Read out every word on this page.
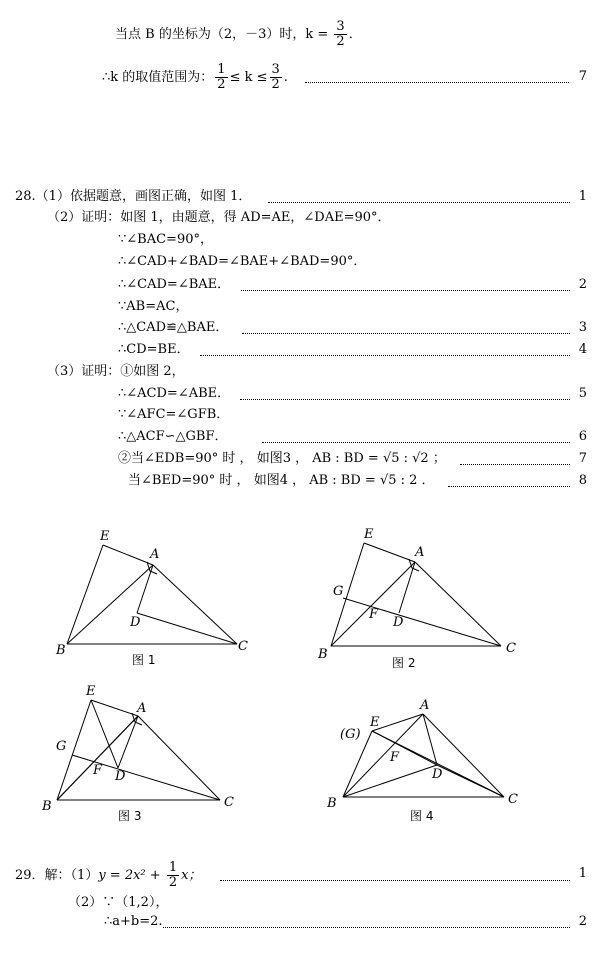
当点 B 的坐标为（2，－3）时，$k = \frac{3}{2}$ ．
∴k 的取值范围为： $\frac{1}{2} \le k \le \frac{3}{2}$ .	7
28.（1）依据题意，画图正确，如图 1．	1
（2）证明：如图 1，由题意，得 AD=AE，∠DAE=90°．
∵∠BAC=90°，
∴∠CAD+∠BAD=∠BAE+∠BAD=90°．
∴∠CAD=∠BAE．	2
∵AB=AC，
∴△CAD≌△BAE．	3
∴CD=BE．	4
（3）证明：①如图 2，
∴∠ACD=∠ABE．	5
∵∠AFC=∠GFB．
∴△ACF∽△GBF．	6
②当∠EDB=90° 时 ， 如图3 ， AB : BD = √5 : √2 ；	7
当∠BED=90° 时 ， 如图4 ， AB : BD = √5 : 2 ．	8
E
A
D
B	C
图 1
E
A
G
F
D
B	C
图 2
E
A
G
F D
B	C
图 3
(G)
E
A
F
D
B	C
图 4
29．解：$(1)y = 2x^2 + \frac{1}{2}$ x；	1
（2）∵（1,2），
∴a+b=2.	2
